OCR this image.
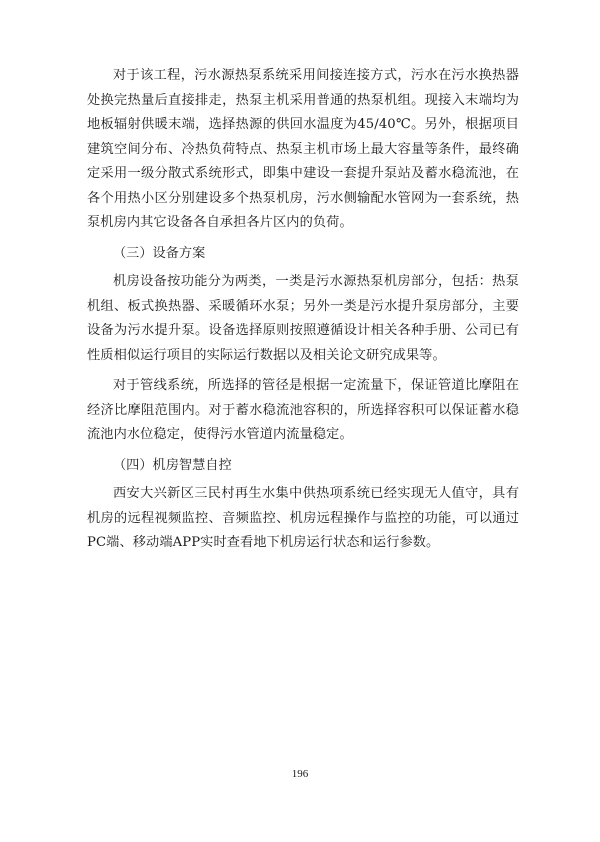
对于该工程，污水源热泵系统采用间接连接方式，污水在污水换热器处换完热量后直接排走，热泵主机采用普通的热泵机组。现接入末端均为地板辐射供暖末端，选择热源的供回水温度为45/40℃。另外，根据项目建筑空间分布、冷热负荷特点、热泵主机市场上最大容量等条件，最终确定采用一级分散式系统形式，即集中建设一套提升泵站及蓄水稳流池，在各个用热小区分别建设多个热泵机房，污水侧输配水管网为一套系统，热泵机房内其它设备各自承担各片区内的负荷。

（三）设备方案

机房设备按功能分为两类，一类是污水源热泵机房部分，包括：热泵机组、板式换热器、采暖循环水泵；另外一类是污水提升泵房部分，主要设备为污水提升泵。设备选择原则按照遵循设计相关各种手册、公司已有性质相似运行项目的实际运行数据以及相关论文研究成果等。

对于管线系统，所选择的管径是根据一定流量下，保证管道比摩阻在经济比摩阻范围内。对于蓄水稳流池容积的，所选择容积可以保证蓄水稳流池内水位稳定，使得污水管道内流量稳定。

（四）机房智慧自控

西安大兴新区三民村再生水集中供热项系统已经实现无人值守，具有机房的远程视频监控、音频监控、机房远程操作与监控的功能，可以通过PC端、移动端APP实时查看地下机房运行状态和运行参数。

196
